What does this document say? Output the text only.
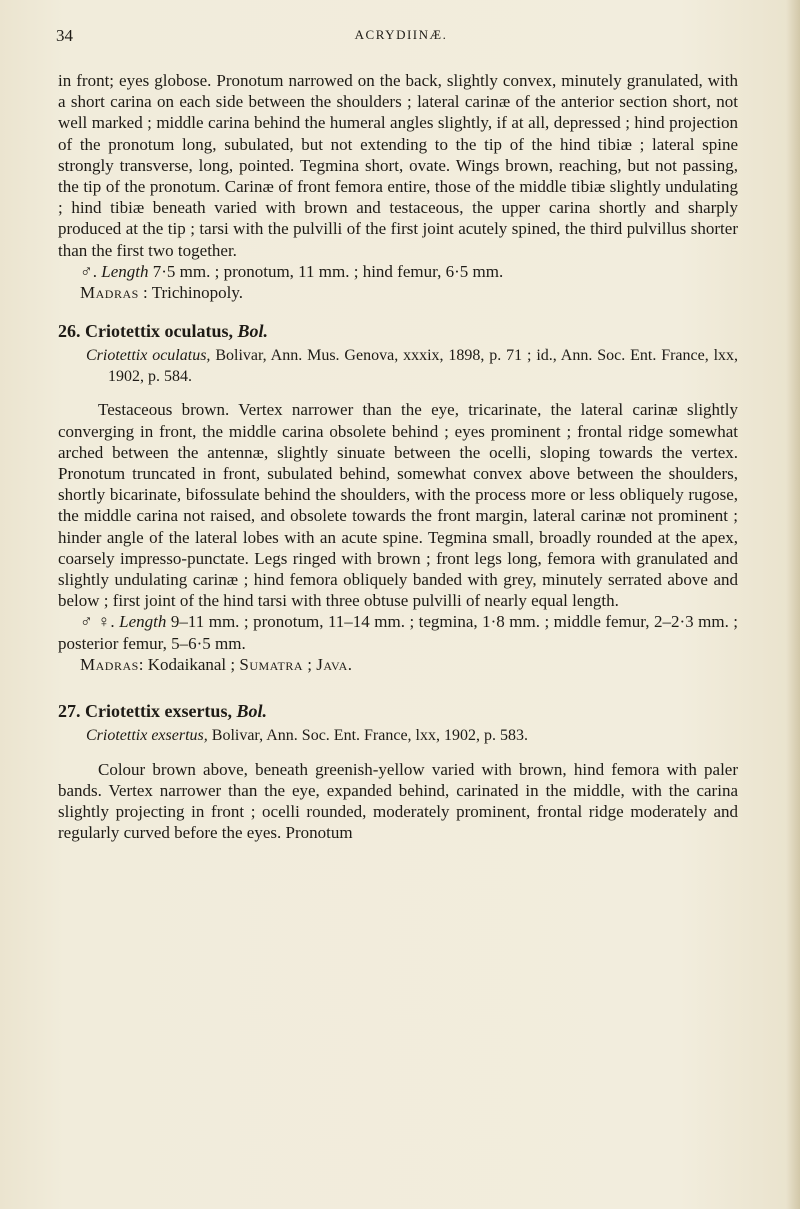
34	ACRYDIINÆ.

in front; eyes globose. Pronotum narrowed on the back, slightly convex, minutely granulated, with a short carina on each side between the shoulders ; lateral carinæ of the anterior section short, not well marked ; middle carina behind the humeral angles slightly, if at all, depressed ; hind projection of the pronotum long, subulated, but not extending to the tip of the hind tibiæ ; lateral spine strongly transverse, long, pointed. Tegmina short, ovate. Wings brown, reaching, but not passing, the tip of the pronotum. Carinæ of front femora entire, those of the middle tibiæ slightly undulating ; hind tibiæ beneath varied with brown and testaceous, the upper carina shortly and sharply produced at the tip ; tarsi with the pulvilli of the first joint acutely spined, the third pulvillus shorter than the first two together.

♂. Length 7·5 mm. ; pronotum, 11 mm. ; hind femur, 6·5 mm.

Madras : Trichinopoly.

26. Criotettix oculatus, Bol.

Criotettix oculatus, Bolivar, Ann. Mus. Genova, xxxix, 1898, p. 71 ; id., Ann. Soc. Ent. France, lxx, 1902, p. 584.

Testaceous brown. Vertex narrower than the eye, tricarinate, the lateral carinæ slightly converging in front, the middle carina obsolete behind ; eyes prominent ; frontal ridge somewhat arched between the antennæ, slightly sinuate between the ocelli, sloping towards the vertex. Pronotum truncated in front, subulated behind, somewhat convex above between the shoulders, shortly bicarinate, bifossulate behind the shoulders, with the process more or less obliquely rugose, the middle carina not raised, and obsolete towards the front margin, lateral carinæ not prominent ; hinder angle of the lateral lobes with an acute spine. Tegmina small, broadly rounded at the apex, coarsely impresso-punctate. Legs ringed with brown ; front legs long, femora with granulated and slightly undulating carinæ ; hind femora obliquely banded with grey, minutely serrated above and below ; first joint of the hind tarsi with three obtuse pulvilli of nearly equal length.

♂ ♀. Length 9–11 mm. ; pronotum, 11–14 mm. ; tegmina, 1·8 mm. ; middle femur, 2–2·3 mm. ; posterior femur, 5–6·5 mm.

Madras: Kodaikanal ; Sumatra ; Java.

27. Criotettix exsertus, Bol.

Criotettix exsertus, Bolivar, Ann. Soc. Ent. France, lxx, 1902, p. 583.

Colour brown above, beneath greenish-yellow varied with brown, hind femora with paler bands. Vertex narrower than the eye, expanded behind, carinated in the middle, with the carina slightly projecting in front ; ocelli rounded, moderately prominent, frontal ridge moderately and regularly curved before the eyes. Pronotum
